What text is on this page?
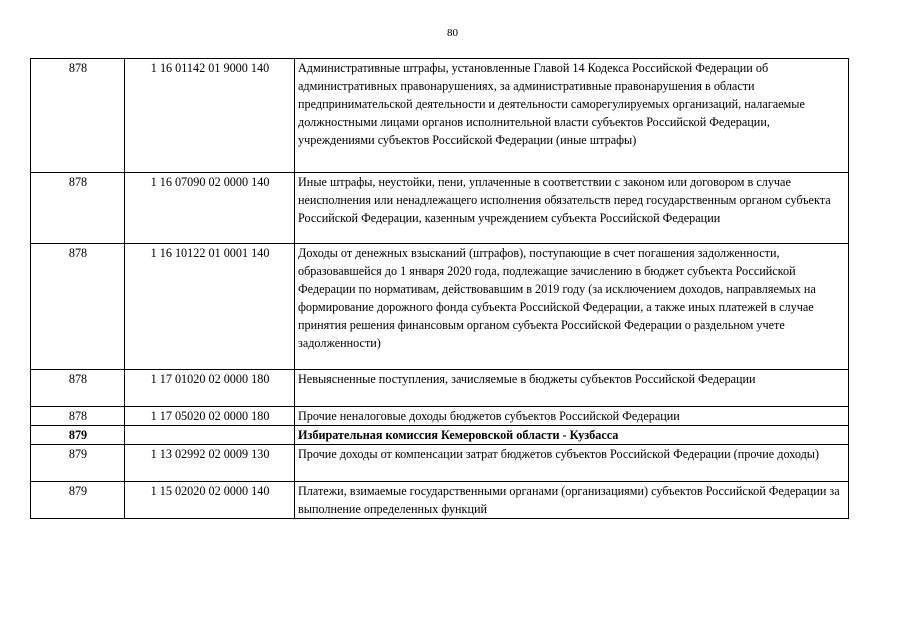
80
878	1 16 01142 01 9000 140	Административные штрафы, установленные Главой 14 Кодекса Российской Федерации об административных правонарушениях, за административные правонарушения в области предпринимательской деятельности и деятельности саморегулируемых организаций, налагаемые должностными лицами органов исполнительной власти субъектов Российской Федерации, учреждениями субъектов Российской Федерации (иные штрафы)
878	1 16 07090 02 0000 140	Иные штрафы, неустойки, пени, уплаченные в соответствии с законом или договором в случае неисполнения или ненадлежащего исполнения обязательств перед государственным органом субъекта Российской Федерации, казенным учреждением субъекта Российской Федерации
878	1 16 10122 01 0001 140	Доходы от денежных взысканий (штрафов), поступающие в счет погашения задолженности, образовавшейся до 1 января 2020 года, подлежащие зачислению в бюджет субъекта Российской Федерации по нормативам, действовавшим в 2019 году (за исключением доходов, направляемых на формирование дорожного фонда субъекта Российской Федерации, а также иных платежей в случае принятия решения финансовым органом субъекта Российской Федерации о раздельном учете задолженности)
878	1 17 01020 02 0000 180	Невыясненные поступления, зачисляемые в бюджеты субъектов Российской Федерации
878	1 17 05020 02 0000 180	Прочие неналоговые доходы бюджетов субъектов Российской Федерации
879		Избирательная комиссия Кемеровской области - Кузбасса
879	1 13 02992 02 0009 130	Прочие доходы от компенсации затрат бюджетов субъектов Российской Федерации (прочие доходы)
879	1 15 02020 02 0000 140	Платежи, взимаемые государственными органами (организациями) субъектов Российской Федерации за выполнение определенных функций
